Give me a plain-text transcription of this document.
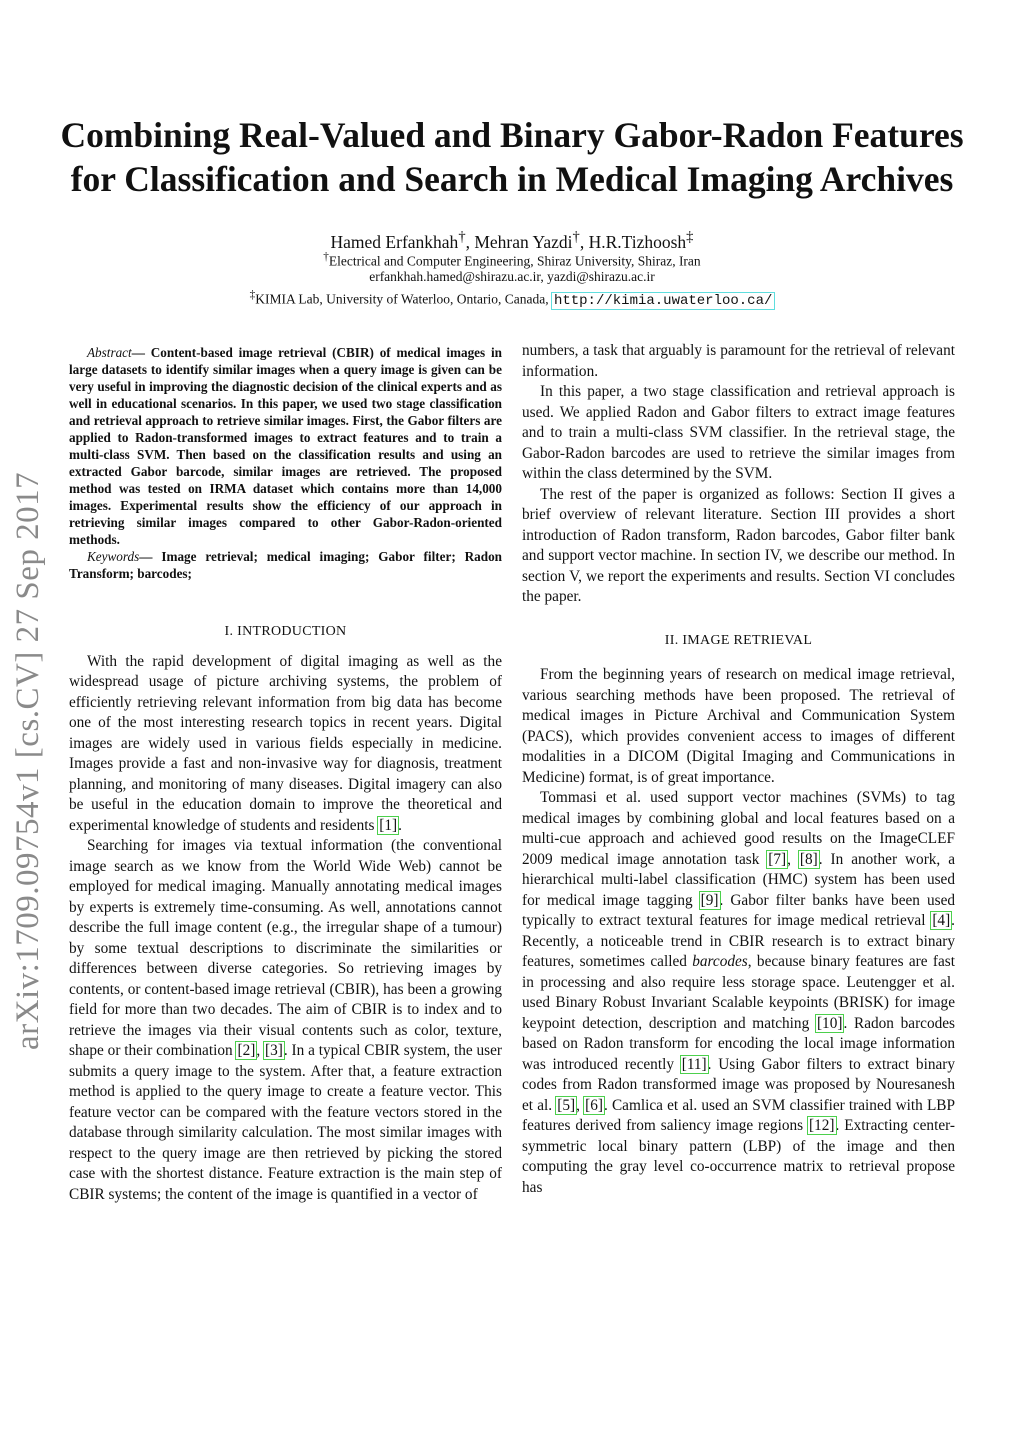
arXiv:1709.09754v1 [cs.CV] 27 Sep 2017
Combining Real-Valued and Binary Gabor-Radon Features
for Classification and Search in Medical Imaging Archives
Hamed Erfankhah†, Mehran Yazdi†, H.R.Tizhoosh‡
†Electrical and Computer Engineering, Shiraz University, Shiraz, Iran
erfankhah.hamed@shirazu.ac.ir, yazdi@shirazu.ac.ir
‡KIMIA Lab, University of Waterloo, Ontario, Canada, http://kimia.uwaterloo.ca/

Abstract— Content-based image retrieval (CBIR) of medical images in large datasets to identify similar images when a query image is given can be very useful in improving the diagnostic decision of the clinical experts and as well in educational scenarios. In this paper, we used two stage classification and retrieval approach to retrieve similar images. First, the Gabor filters are applied to Radon-transformed images to extract features and to train a multi-class SVM. Then based on the classification results and using an extracted Gabor barcode, similar images are retrieved. The proposed method was tested on IRMA dataset which contains more than 14,000 images. Experimental results show the efficiency of our approach in retrieving similar images compared to other Gabor-Radon-oriented methods.

Keywords— Image retrieval; medical imaging; Gabor filter; Radon Transform; barcodes;

I. INTRODUCTION

With the rapid development of digital imaging as well as the widespread usage of picture archiving systems, the problem of efficiently retrieving relevant information from big data has become one of the most interesting research topics in recent years. Digital images are widely used in various fields especially in medicine. Images provide a fast and non-invasive way for diagnosis, treatment planning, and monitoring of many diseases. Digital imagery can also be useful in the education domain to improve the theoretical and experimental knowledge of students and residents [1].

Searching for images via textual information (the conventional image search as we know from the World Wide Web) cannot be employed for medical imaging. Manually annotating medical images by experts is extremely time-consuming. As well, annotations cannot describe the full image content (e.g., the irregular shape of a tumour) by some textual descriptions to discriminate the similarities or differences between diverse categories. So retrieving images by contents, or content-based image retrieval (CBIR), has been a growing field for more than two decades. The aim of CBIR is to index and to retrieve the images via their visual contents such as color, texture, shape or their combination [2], [3]. In a typical CBIR system, the user submits a query image to the system. After that, a feature extraction method is applied to the query image to create a feature vector. This feature vector can be compared with the feature vectors stored in the database through similarity calculation. The most similar images with respect to the query image are then retrieved by picking the stored case with the shortest distance. Feature extraction is the main step of CBIR systems; the content of the image is quantified in a vector of

numbers, a task that arguably is paramount for the retrieval of relevant information.

In this paper, a two stage classification and retrieval approach is used. We applied Radon and Gabor filters to extract image features and to train a multi-class SVM classifier. In the retrieval stage, the Gabor-Radon barcodes are used to retrieve the similar images from within the class determined by the SVM.

The rest of the paper is organized as follows: Section II gives a brief overview of relevant literature. Section III provides a short introduction of Radon transform, Radon barcodes, Gabor filter bank and support vector machine. In section IV, we describe our method. In section V, we report the experiments and results. Section VI concludes the paper.

II. IMAGE RETRIEVAL

From the beginning years of research on medical image retrieval, various searching methods have been proposed. The retrieval of medical images in Picture Archival and Communication System (PACS), which provides convenient access to images of different modalities in a DICOM (Digital Imaging and Communications in Medicine) format, is of great importance.

Tommasi et al. used support vector machines (SVMs) to tag medical images by combining global and local features based on a multi-cue approach and achieved good results on the ImageCLEF 2009 medical image annotation task [7], [8]. In another work, a hierarchical multi-label classification (HMC) system has been used for medical image tagging [9]. Gabor filter banks have been used typically to extract textural features for image medical retrieval [4]. Recently, a noticeable trend in CBIR research is to extract binary features, sometimes called barcodes, because binary features are fast in processing and also require less storage space. Leutengger et al. used Binary Robust Invariant Scalable keypoints (BRISK) for image keypoint detection, description and matching [10]. Radon barcodes based on Radon transform for encoding the local image information was introduced recently [11]. Using Gabor filters to extract binary codes from Radon transformed image was proposed by Nouresanesh et al. [5], [6]. Camlica et al. used an SVM classifier trained with LBP features derived from saliency image regions [12]. Extracting center-symmetric local binary pattern (LBP) of the image and then computing the gray level co-occurrence matrix to retrieval propose has
